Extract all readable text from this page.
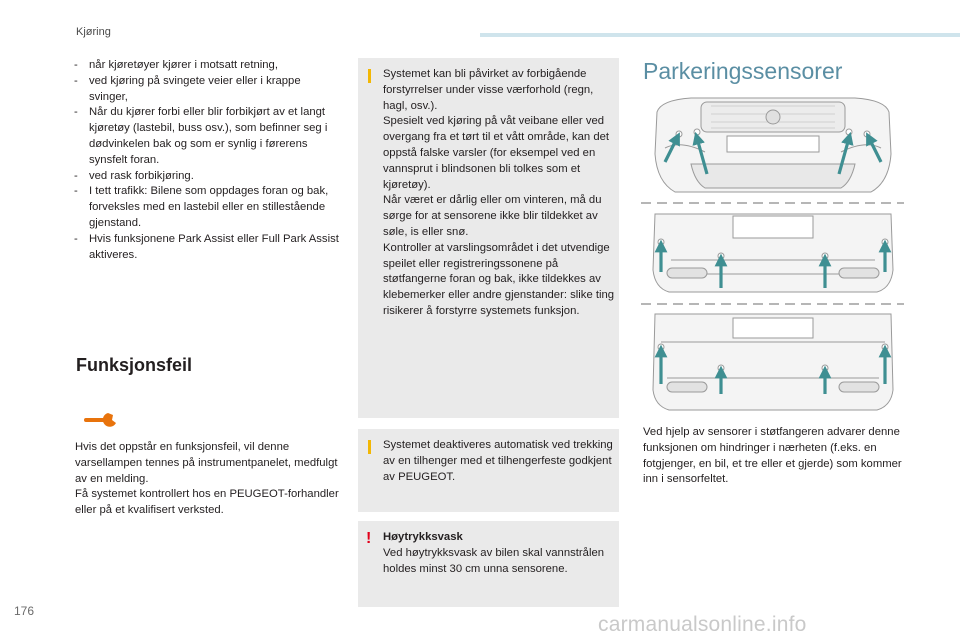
Kjøring
- når kjøretøyer kjører i motsatt retning,
- ved kjøring på svingete veier eller i krappe svinger,
- Når du kjører forbi eller blir forbikjørt av et langt kjøretøy (lastebil, buss osv.), som befinner seg i dødvinkelen bak og som er synlig i førerens synsfelt foran.
- ved rask forbikjøring.
- I tett trafikk: Bilene som oppdages foran og bak, forveksles med en lastebil eller en stillestående gjenstand.
- Hvis funksjonene Park Assist eller Full Park Assist aktiveres.
Funksjonsfeil
Hvis det oppstår en funksjonsfeil, vil denne varsellampen tennes på instrumentpanelet, medfulgt av en melding.
Få systemet kontrollert hos en PEUGEOT-forhandler eller på et kvalifisert verksted.
Systemet kan bli påvirket av forbigående forstyrrelser under visse værforhold (regn, hagl, osv.).
Spesielt ved kjøring på våt veibane eller ved overgang fra et tørt til et vått område, kan det oppstå falske varsler (for eksempel ved en vannsprut i blindsonen bli tolkes som et kjøretøy).
Når været er dårlig eller om vinteren, må du sørge for at sensorene ikke blir tildekket av søle, is eller snø.
Kontroller at varslingsområdet i det utvendige speilet eller registreringssonene på støtfangerne foran og bak, ikke tildekkes av klebemerker eller andre gjenstander: slike ting risikerer å forstyrre systemets funksjon.
Systemet deaktiveres automatisk ved trekking av en tilhenger med et tilhengerfeste godkjent av PEUGEOT.
! Høytrykksvask
Ved høytrykksvask av bilen skal vannstrålen holdes minst 30 cm unna sensorene.
Parkeringssensorer
Ved hjelp av sensorer i støtfangeren advarer denne funksjonen om hindringer i nærheten (f.eks. en fotgjenger, en bil, et tre eller et gjerde) som kommer inn i sensorfeltet.
176
carmanualsonline.info
